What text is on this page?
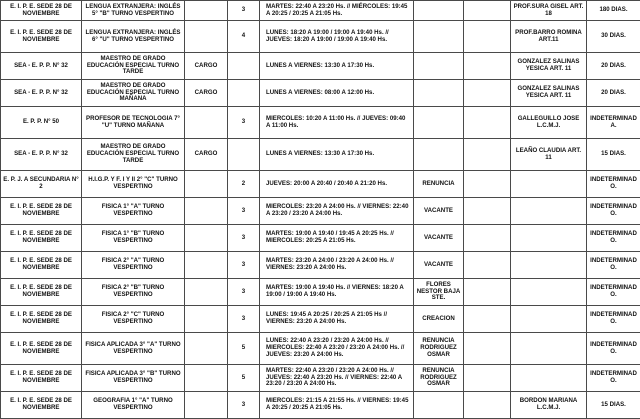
E. I. P. E. SEDE 28 DE NOVIEMBRE	LENGUA EXTRANJERA: INGLÉS 5° "B" TURNO VESPERTINO		3	MARTES: 22:40 A 23:20 Hs. // MIÉRCOLES: 19:45 A 20:25 / 20:25 A 21:05 Hs.			PROF.SURA GISEL ART. 18	180 DIAS.
E. I. P. E. SEDE 28 DE NOVIEMBRE	LENGUA EXTRANJERA: INGLÉS 6° "U" TURNO VESPERTINO		4	LUNES: 18:20 A 19:00 / 19:00 A 19:40 Hs. // JUEVES: 18:20 A 19:00 / 19:00 A 19:40 Hs.			PROF.BARRO ROMINA ART.11	30 DIAS.
SEA - E. P. P. N° 32	MAESTRO DE GRADO EDUCACIÓN ESPECIAL TURNO TARDE	CARGO		LUNES A VIERNES: 13:30 A 17:30 Hs.			GONZALEZ SALINAS YESICA ART. 11	20 DIAS.
SEA - E. P. P. N° 32	MAESTRO DE GRADO EDUCACIÓN ESPECIAL TURNO MAÑANA	CARGO		LUNES A VIERNES: 08:00 A 12:00 Hs.			GONZALEZ SALINAS YESICA ART. 11	20 DIAS.
E. P. P. N° 50	PROFESOR DE TECNOLOGIA 7° "U" TURNO MAÑANA		3	MIERCOLES: 10:20 A 11:00 Hs. // JUEVES: 09:40 A 11:00 Hs.			GALLEGUILLO JOSE L.C.M.J.	INDETERMINADA.
SEA - E. P. P. N° 32	MAESTRO DE GRADO EDUCACIÓN ESPECIAL TURNO TARDE	CARGO		LUNES A VIERNES: 13:30 A 17:30 Hs.			LEAÑO CLAUDIA ART. 11	15 DIAS.
E. P. J. A SECUNDARIA N° 2	H.I.G.P. Y F. I Y II 2° "C" TURNO VESPERTINO		2	JUEVES: 20:00 A 20:40 / 20:40 A 21:20 Hs.	RENUNCIA			INDETERMINADO.
E. I. P. E. SEDE 28 DE NOVIEMBRE	FISICA 1° "A" TURNO VESPERTINO		3	MIERCOLES: 23:20 A 24:00 Hs. // VIERNES: 22:40 A 23:20 / 23:20 A 24:00 Hs.	VACANTE			INDETERMINADO.
E. I. P. E. SEDE 28 DE NOVIEMBRE	FISICA 1° "B" TURNO VESPERTINO		3	MARTES: 19:00 A 19:40 / 19:45 A 20:25 Hs. // MIERCOLES: 20:25 A 21:05 Hs.	VACANTE			INDETERMINADO.
E. I. P. E. SEDE 28 DE NOVIEMBRE	FISICA 2° "A" TURNO VESPERTINO		3	MARTES: 23:20 A 24:00 / 23:20 A 24:00 Hs. // VIERNES: 23:20 A 24:00 Hs.	VACANTE			INDETERMINADO.
E. I. P. E. SEDE 28 DE NOVIEMBRE	FISICA 2° "B" TURNO VESPERTINO		3	MARTES: 19:00 A 19:40 Hs. // VIERNES: 18:20 A 19:00 / 19:00 A 19:40 Hs.	FLORES NESTOR BAJA STE.			INDETERMINADO.
E. I. P. E. SEDE 28 DE NOVIEMBRE	FISICA 2° "C" TURNO VESPERTINO		3	LUNES: 19:45 A 20:25 / 20:25 A 21:05 Hs // VIERNES: 23:20 A 24:00 Hs.	CREACION			INDETERMINADO.
E. I. P. E. SEDE 28 DE NOVIEMBRE	FISICA APLICADA 3° "A" TURNO VESPERTINO		5	LUNES: 22:40 A 23:20 / 23:20 A 24:00 Hs. // MIERCOLES: 22:40 A 23:20 / 23:20 A 24:00 Hs. // JUEVES: 23:20 A 24:00 Hs.	RENUNCIA RODRIGUEZ OSMAR			INDETERMINADO.
E. I. P. E. SEDE 28 DE NOVIEMBRE	FISICA APLICADA 3° "B" TURNO VESPERTINO		5	MARTES: 22:40 A 23:20 / 23:20 A 24:00 Hs. // JUEVES: 22:40 A 23:20 Hs. // VIERNES: 22:40 A 23:20 / 23:20 A 24:00 Hs.	RENUNCIA RODRIGUEZ OSMAR			INDETERMINADO.
E. I. P. E. SEDE 28 DE NOVIEMBRE	GEOGRAFIA 1° "A" TURNO VESPERTINO		3	MIERCOLES: 21:15 A 21:55 Hs. // VIERNES: 19:45 A 20:25 / 20:25 A 21:05 Hs.			BORDON MARIANA L.C.M.J.	15 DIAS.
